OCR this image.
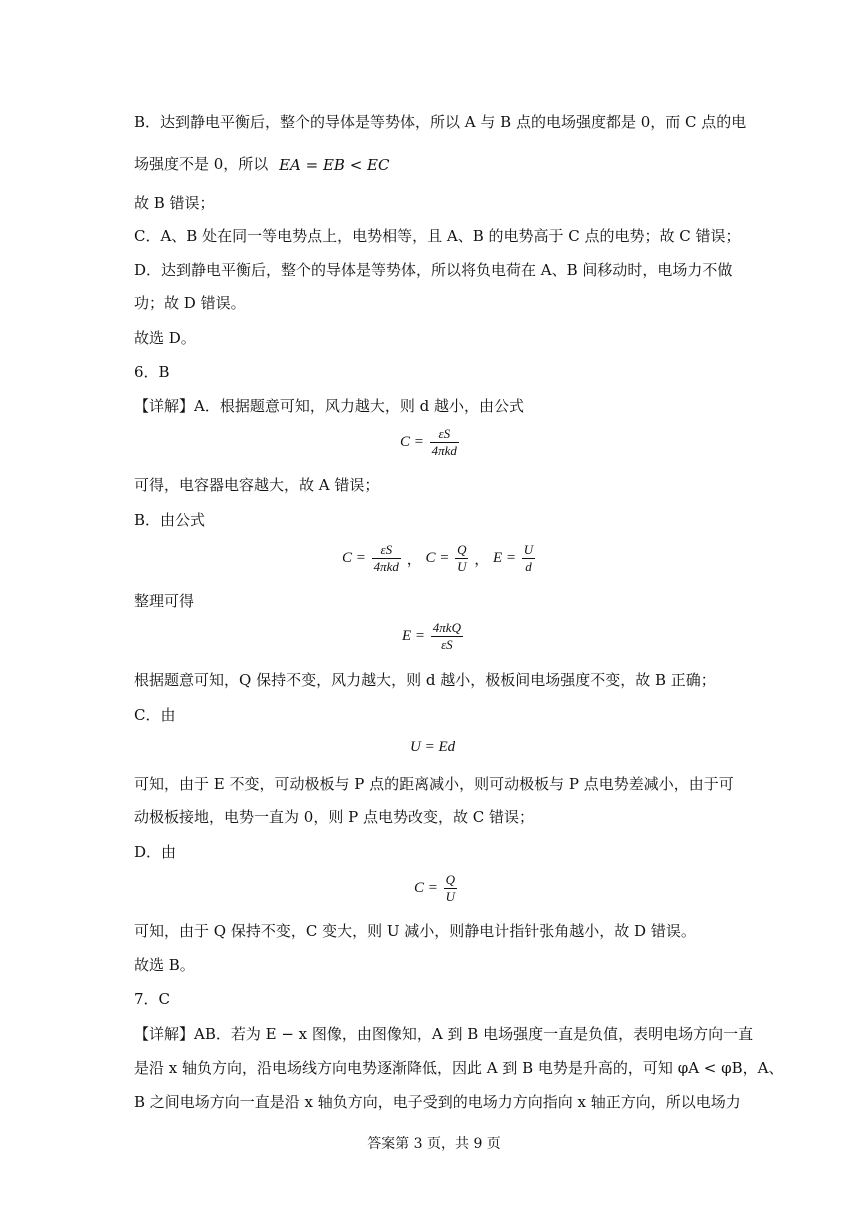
B．达到静电平衡后，整个的导体是等势体，所以 A 与 B 点的电场强度都是 0，而 C 点的电
场强度不是 0，所以 EA = EB < EC
故 B 错误；
C．A、B 处在同一等电势点上，电势相等，且 A、B 的电势高于 C 点的电势；故 C 错误；
D．达到静电平衡后，整个的导体是等势体，所以将负电荷在 A、B 间移动时，电场力不做
功；故 D 错误。
故选 D。
6．B
【详解】A．根据题意可知，风力越大，则 d 越小，由公式
$C = \frac{\varepsilon S}{\text{4πkd}}$
可得，电容器电容越大，故 A 错误；
B．由公式
$C = \frac{\varepsilon S}{\text{4πkd}}$ ， $C = \frac{Q}{U}$ ， $E = \frac{U}{d}$
整理可得
$E = \frac{\text{4πkQ}}{\varepsilon S}$
根据题意可知，Q 保持不变，风力越大，则 d 越小，极板间电场强度不变，故 B 正确；
C．由
U = Ed
可知，由于 E 不变，可动极板与 P 点的距离减小，则可动极板与 P 点电势差减小，由于可
动极板接地，电势一直为 0，则 P 点电势改变，故 C 错误；
D．由
$C = \frac{Q}{U}$
可知，由于 Q 保持不变，C 变大，则 U 减小，则静电计指针张角越小，故 D 错误。
故选 B。
7．C
【详解】AB．若为 E − x 图像，由图像知，A 到 B 电场强度一直是负值，表明电场方向一直
是沿 x 轴负方向，沿电场线方向电势逐渐降低，因此 A 到 B 电势是升高的，可知 φA < φB，A、
B 之间电场方向一直是沿 x 轴负方向，电子受到的电场力方向指向 x 轴正方向，所以电场力
答案第 3 页，共 9 页
